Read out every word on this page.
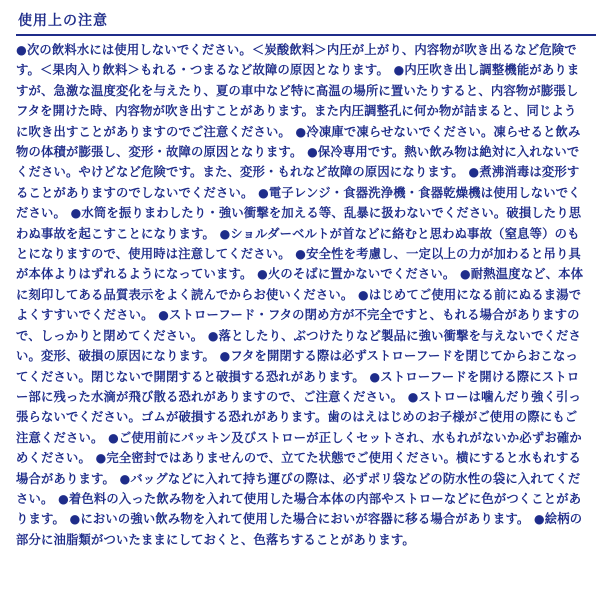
使用上の注意
●次の飲料水には使用しないでください。＜炭酸飲料＞内圧が上がり、内容物が吹き出るなど危険です。＜果肉入り飲料＞もれる・つまるなど故障の原因となります。 ●内圧吹き出し調整機能がありますが、急激な温度変化を与えたり、夏の車中など特に高温の場所に置いたりすると、内容物が膨張しフタを開けた時、内容物が吹き出すことがあります。また内圧調整孔に何か物が詰まると、同じように吹き出すことがありますのでご注意ください。 ●冷凍庫で凍らせないでください。凍らせると飲み物の体積が膨張し、変形・故障の原因となります。 ●保冷専用です。熱い飲み物は絶対に入れないでください。やけどなど危険です。また、変形・もれなど故障の原因になります。 ●煮沸消毒は変形することがありますのでしないでください。 ●電子レンジ・食器洗浄機・食器乾燥機は使用しないでください。 ●水筒を振りまわしたり・強い衝撃を加える等、乱暴に扱わないでください。破損したり思わぬ事故を起こすことになります。 ●ショルダーベルトが首などに絡むと思わぬ事故（窒息等）のもとになりますので、使用時は注意してください。 ●安全性を考慮し、一定以上の力が加わると吊り具が本体よりはずれるようになっています。 ●火のそばに置かないでください。 ●耐熱温度など、本体に刻印してある品質表示をよく読んでからお使いください。 ●はじめてご使用になる前にぬるま湯でよくすすいでください。 ●ストローフード・フタの閉め方が不完全ですと、もれる場合がありますので、しっかりと閉めてください。 ●落としたり、ぶつけたりなど製品に強い衝撃を与えないでください。変形、破損の原因になります。 ●フタを開閉する際は必ずストローフードを閉じてからおこなってください。閉じないで開閉すると破損する恐れがあります。 ●ストローフードを開ける際にストロー部に残った水滴が飛び散る恐れがありますので、ご注意ください。 ●ストローは噛んだり強く引っ張らないでください。ゴムが破損する恐れがあります。歯のはえはじめのお子様がご使用の際にもご注意ください。 ●ご使用前にパッキン及びストローが正しくセットされ、水もれがないか必ずお確かめください。 ●完全密封ではありませんので、立てた状態でご使用ください。横にすると水もれする場合があります。 ●バッグなどに入れて持ち運びの際は、必ずポリ袋などの防水性の袋に入れてください。 ●着色料の入った飲み物を入れて使用した場合本体の内部やストローなどに色がつくことがあります。 ●においの強い飲み物を入れて使用した場合においが容器に移る場合があります。 ●絵柄の部分に油脂類がついたままにしておくと、色落ちすることがあります。
